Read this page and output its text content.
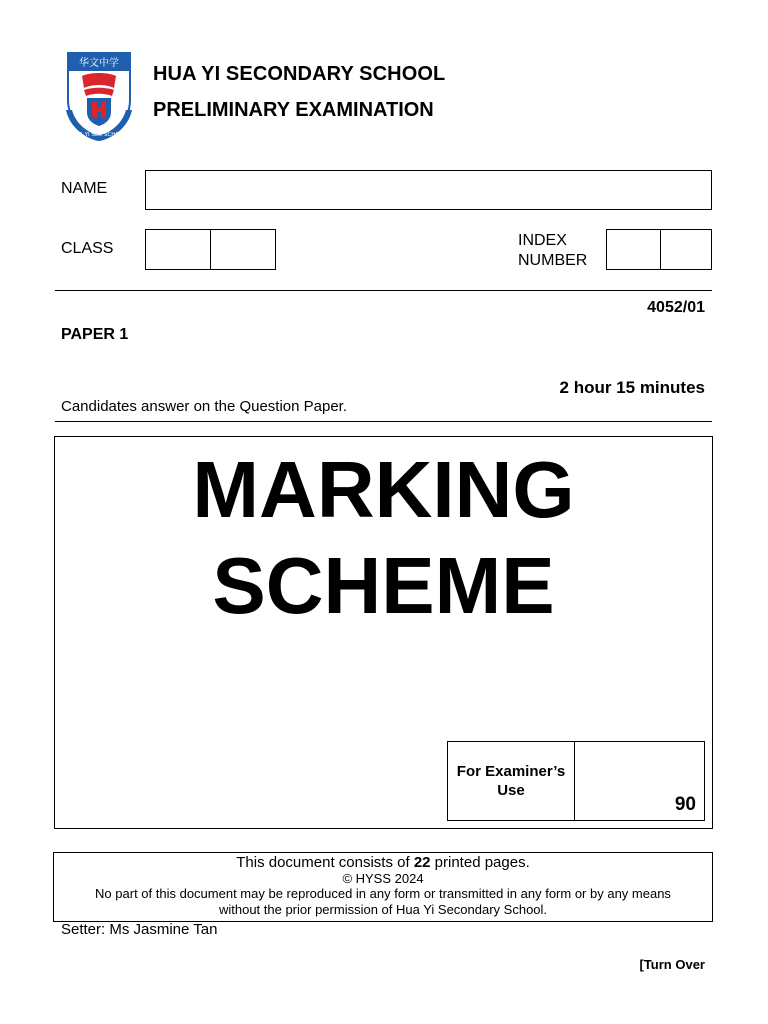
华文中学
HUA YI SEC SCHOOL
HUA YI SECONDARY SCHOOL
PRELIMINARY EXAMINATION
NAME
CLASS	INDEX
NUMBER
4052/01
PAPER 1
2 hour 15 minutes
Candidates answer on the Question Paper.
MARKING
SCHEME
For Examiner’s
Use
90
This document consists of 22 printed pages.
© HYSS 2024
No part of this document may be reproduced in any form or transmitted in any form or by any means
without the prior permission of Hua Yi Secondary School.
Setter: Ms Jasmine Tan
[Turn Over
